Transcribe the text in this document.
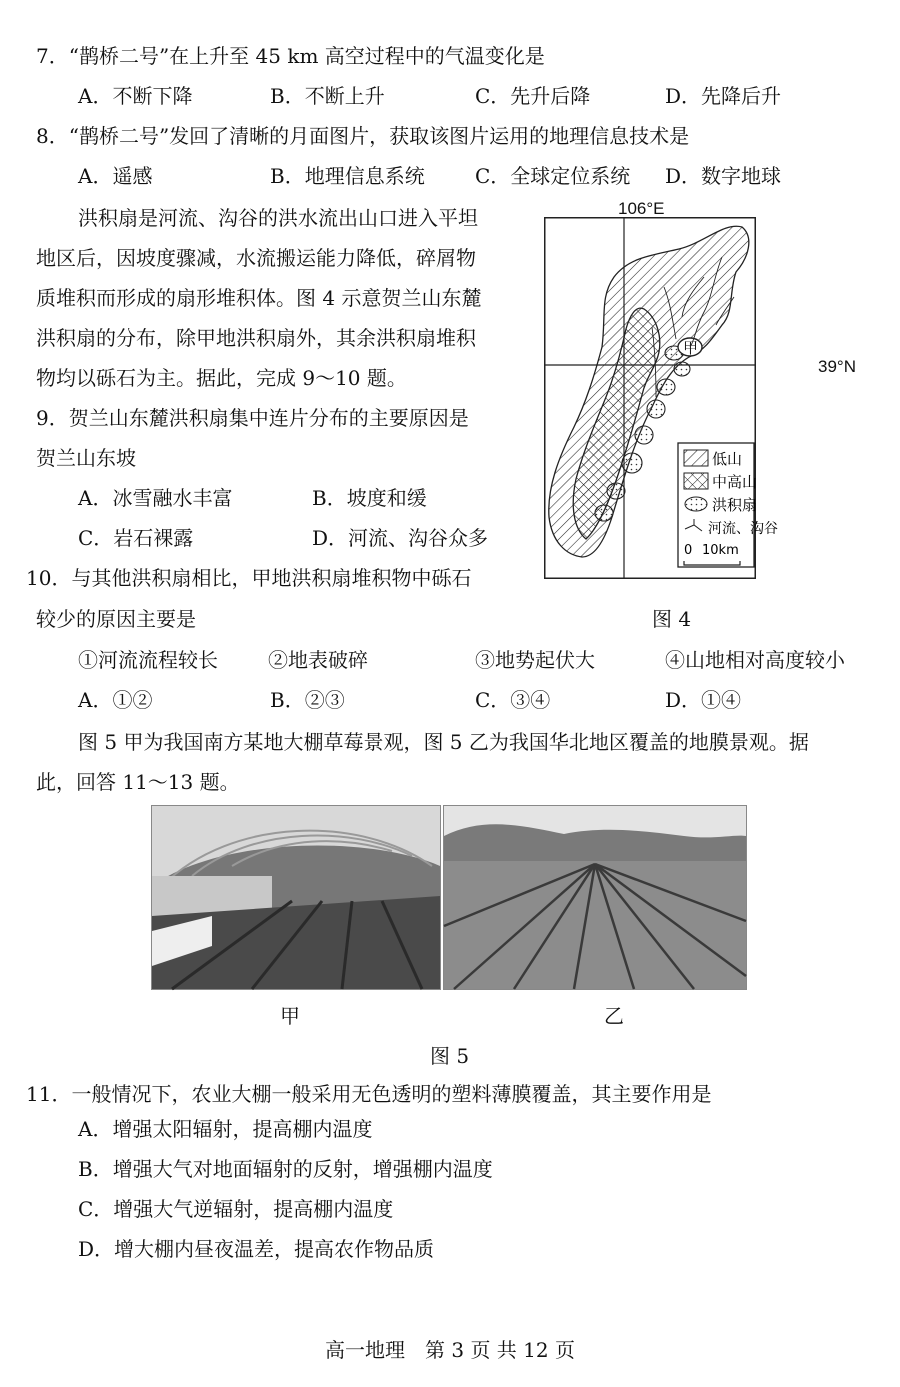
7．“鹊桥二号”在上升至 45 km 高空过程中的气温变化是
A．不断下降	B．不断上升	C．先升后降	D．先降后升
8．“鹊桥二号”发回了清晰的月面图片，获取该图片运用的地理信息技术是
A．遥感	B．地理信息系统	C．全球定位系统 D．数字地球
洪积扇是河流、沟谷的洪水流出山口进入平坦
地区后，因坡度骤减，水流搬运能力降低，碎屑物
质堆积而形成的扇形堆积体。图 4 示意贺兰山东麓
洪积扇的分布，除甲地洪积扇外，其余洪积扇堆积
物均以砾石为主。据此，完成 9～10 题。
9．贺兰山东麓洪积扇集中连片分布的主要原因是
贺兰山东坡
A．冰雪融水丰富	B．坡度和缓
C．岩石裸露	D．河流、沟谷众多
10．与其他洪积扇相比，甲地洪积扇堆积物中砾石
较少的原因主要是
①河流流程较长	②地表破碎	③地势起伏大	④山地相对高度较小
A．①②	B．②③	C．③④	D．①④
106°E
39°N
甲
低山
中高山
洪积扇
河流、沟谷
0 10km
图 4
图 5 甲为我国南方某地大棚草莓景观，图 5 乙为我国华北地区覆盖的地膜景观。据
此，回答 11～13 题。
甲	乙
图 5
11．一般情况下，农业大棚一般采用无色透明的塑料薄膜覆盖，其主要作用是
A．增强太阳辐射，提高棚内温度
B．增强大气对地面辐射的反射，增强棚内温度
C．增强大气逆辐射，提高棚内温度
D．增大棚内昼夜温差，提高农作物品质
高一地理　第 3 页 共 12 页
